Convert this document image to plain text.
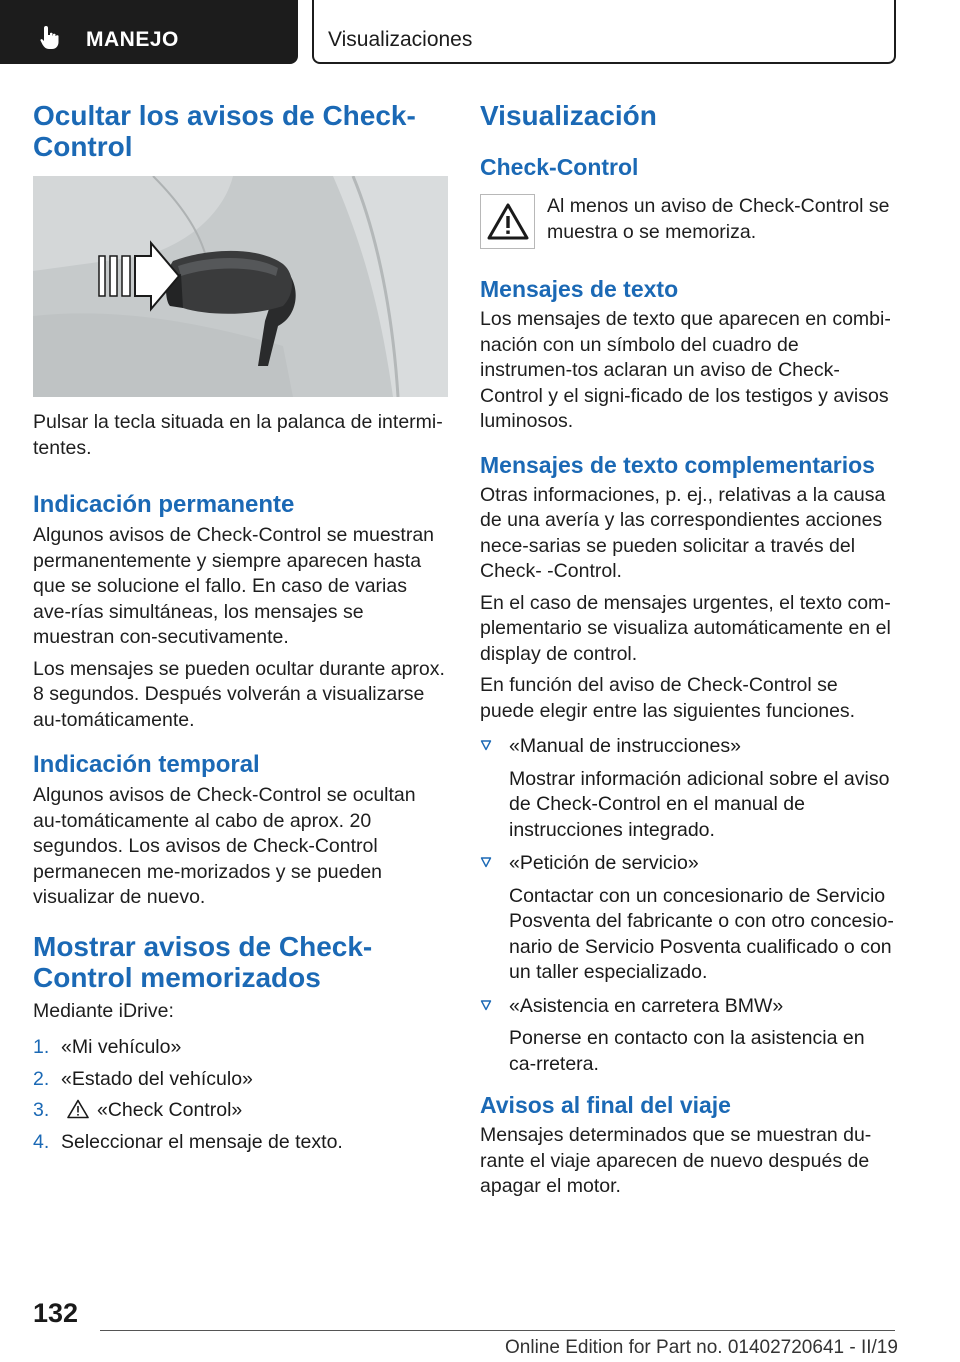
MANEJO	Visualizaciones
Ocultar los avisos de Check-Control

Pulsar la tecla situada en la palanca de intermi-tentes.

Indicación permanente

Algunos avisos de Check-Control se muestran permanentemente y siempre aparecen hasta que se solucione el fallo. En caso de varias ave-rías simultáneas, los mensajes se muestran con-secutivamente.

Los mensajes se pueden ocultar durante aprox. 8 segundos. Después volverán a visualizarse au-tomáticamente.

Indicación temporal

Algunos avisos de Check-Control se ocultan au-tomáticamente al cabo de aprox. 20 segundos. Los avisos de Check-Control permanecen me-morizados y se pueden visualizar de nuevo.

Mostrar avisos de Check-Control memorizados

Mediante iDrive:

1. «Mi vehículo»
2. «Estado del vehículo»
3.	«Check Control»
4. Seleccionar el mensaje de texto.
Visualización
Check-Control

Al menos un aviso de Check-Control se muestra o se memoriza.

Mensajes de texto

Los mensajes de texto que aparecen en combi-nación con un símbolo del cuadro de instrumen-tos aclaran un aviso de Check-Control y el signi-ficado de los testigos y avisos luminosos.

Mensajes de texto complementarios

Otras informaciones, p. ej., relativas a la causa de una avería y las correspondientes acciones nece-sarias se pueden solicitar a través del Check- -Control.

En el caso de mensajes urgentes, el texto com-plementario se visualiza automáticamente en el display de control.

En función del aviso de Check-Control se puede elegir entre las siguientes funciones.

«Manual de instrucciones»
Mostrar información adicional sobre el aviso de Check-Control en el manual de instrucciones integrado.
«Petición de servicio»
Contactar con un concesionario de Servicio Posventa del fabricante o con otro concesio-nario de Servicio Posventa cualificado o con un taller especializado.
«Asistencia en carretera BMW»
Ponerse en contacto con la asistencia en ca-rretera.
Avisos al final del viaje

Mensajes determinados que se muestran du-rante el viaje aparecen de nuevo después de apagar el motor.

132
Online Edition for Part no. 01402720641 - II/19
